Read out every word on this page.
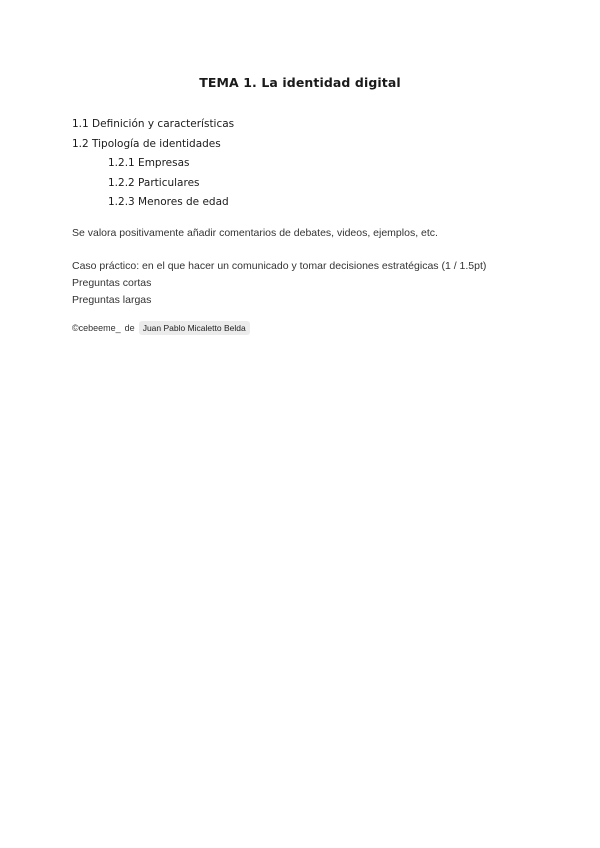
TEMA 1. La identidad digital
1.1 Definición y características
1.2 Tipología de identidades
1.2.1 Empresas
1.2.2 Particulares
1.2.3 Menores de edad
Se valora positivamente añadir comentarios de debates, videos, ejemplos, etc.
Caso práctico: en el que hacer un comunicado y tomar decisiones estratégicas (1 / 1.5pt)
Preguntas cortas
Preguntas largas
©cebeeme_ de Juan Pablo Micaletto Belda
